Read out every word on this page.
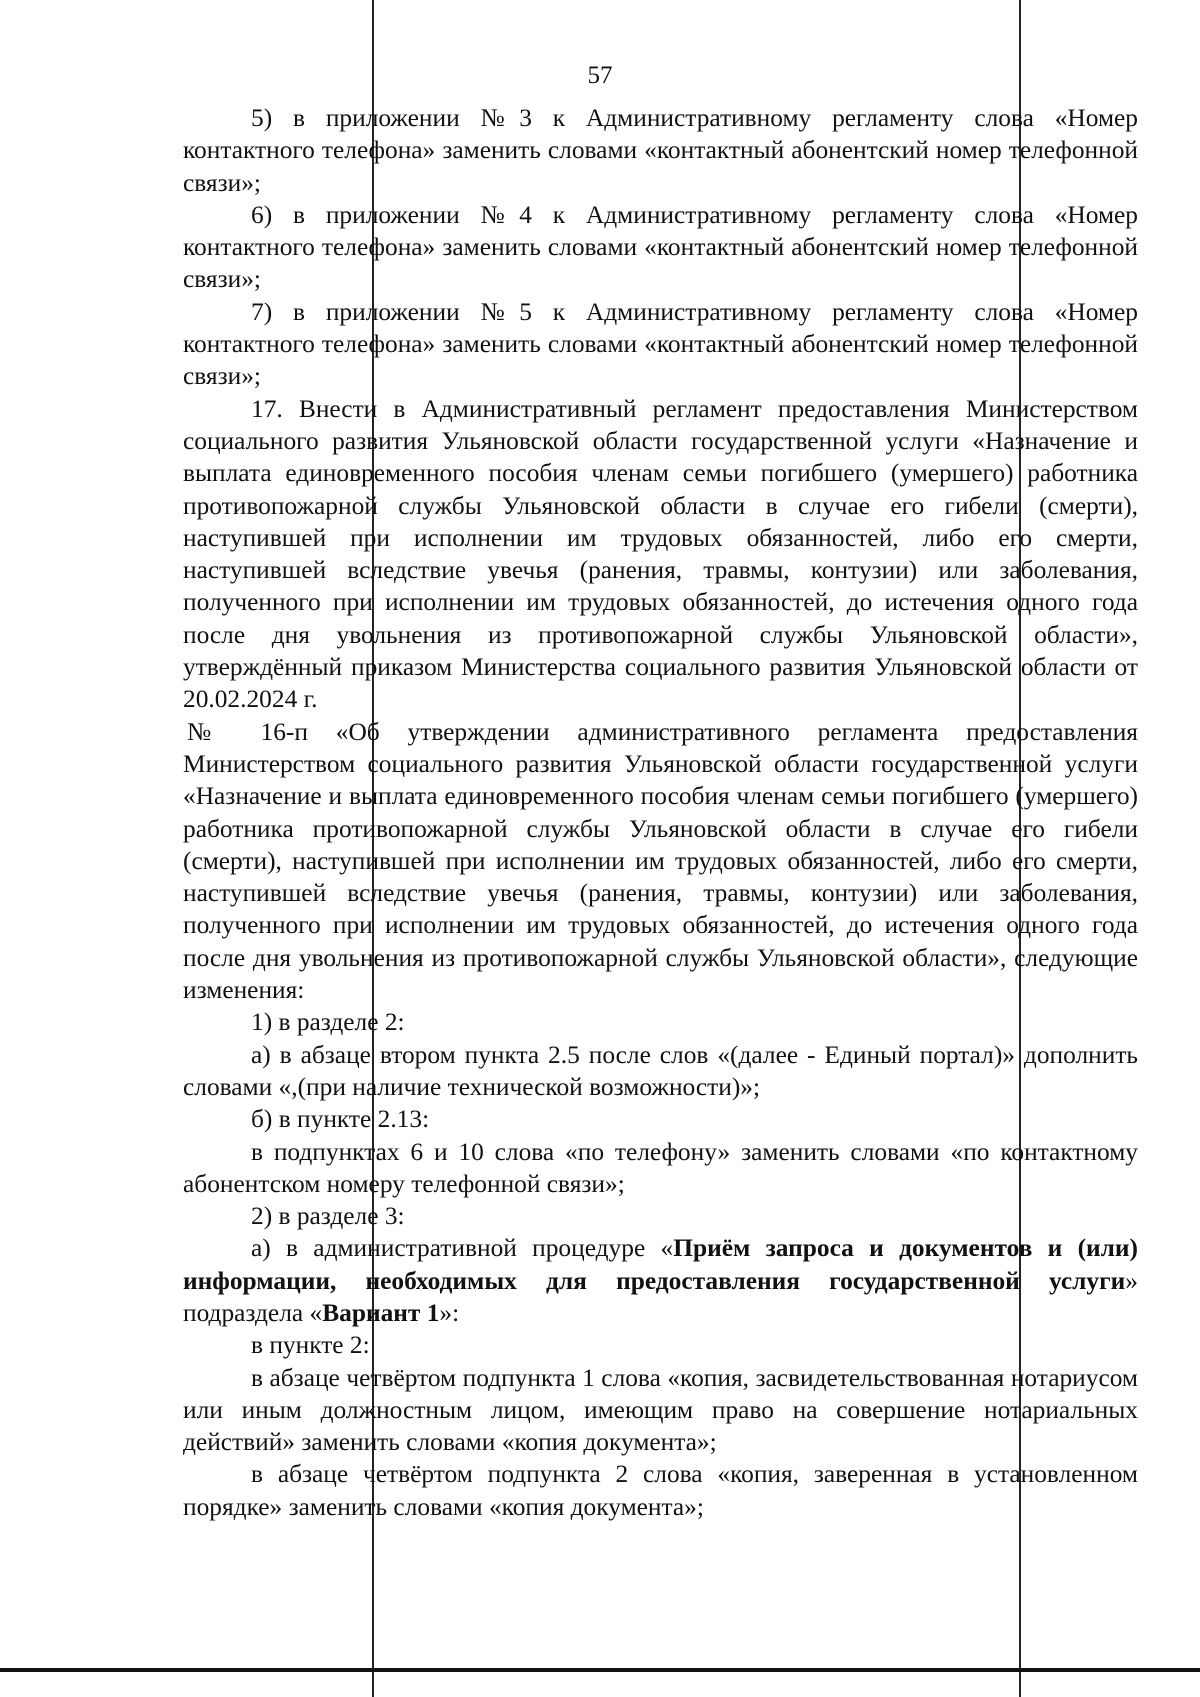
57

5) в приложении №3 к Административному регламенту слова «Номер контактного телефона» заменить словами «контактный абонентский номер телефонной связи»;

6) в приложении №4 к Административному регламенту слова «Номер контактного телефона» заменить словами «контактный абонентский номер телефонной связи»;

7) в приложении №5 к Административному регламенту слова «Номер контактного телефона» заменить словами «контактный абонентский номер телефонной связи»;

17. Внести в Административный регламент предоставления Министерством социального развития Ульяновской области государственной услуги «Назначение и выплата единовременного пособия членам семьи погибшего (умершего) работника противопожарной службы Ульяновской области в случае его гибели (смерти), наступившей при исполнении им трудовых обязанностей, либо его смерти, наступившей вследствие увечья (ранения, травмы, контузии) или заболевания, полученного при исполнении им трудовых обязанностей, до истечения одного года после дня увольнения из противопожарной службы Ульяновской области», утверждённый приказом Министерства социального развития Ульяновской области от 20.02.2024 г.

№ 16-п «Об утверждении административного регламента предоставления Министерством социального развития Ульяновской области государственной услуги «Назначение и выплата единовременного пособия членам семьи погибшего (умершего) работника противопожарной службы Ульяновской области в случае его гибели (смерти), наступившей при исполнении им трудовых обязанностей, либо его смерти, наступившей вследствие увечья (ранения, травмы, контузии) или заболевания, полученного при исполнении им трудовых обязанностей, до истечения одного года после дня увольнения из противопожарной службы Ульяновской области», следующие изменения:

1) в разделе 2:

а) в абзаце втором пункта 2.5 после слов «(далее - Единый портал)» дополнить словами «,(при наличие технической возможности)»;

б) в пункте 2.13:

в подпунктах 6 и 10 слова «по телефону» заменить словами «по контактному абонентском номеру телефонной связи»;

2) в разделе 3:

а) в административной процедуре «Приём запроса и документов и (или) информации, необходимых для предоставления государственной услуги» подраздела «Вариант 1»:

в пункте 2:

в абзаце четвёртом подпункта 1 слова «копия, засвидетельствованная нотариусом или иным должностным лицом, имеющим право на совершение нотариальных действий» заменить словами «копия документа»;

в абзаце четвёртом подпункта 2 слова «копия, заверенная в установленном порядке» заменить словами «копия документа»;
